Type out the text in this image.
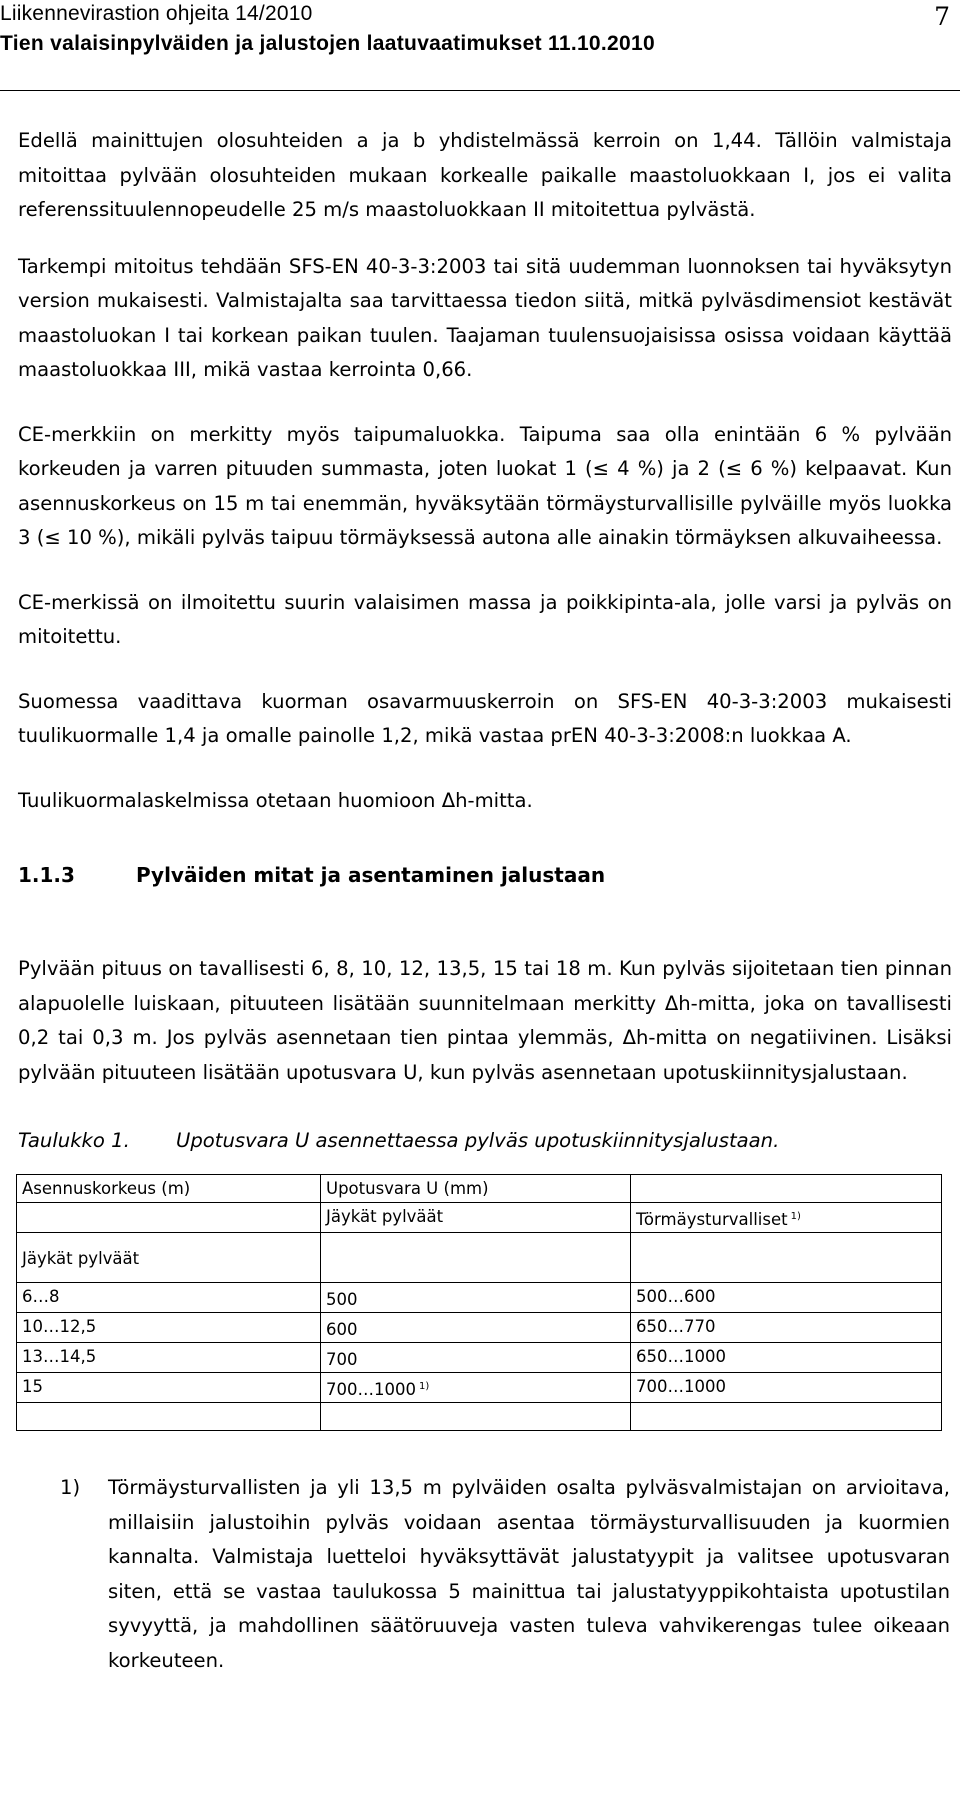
Liikennevirastion ohjeita 14/2010
Tien valaisinpylväiden ja jalustojen laatuvaatimukset 11.10.2010
7

Edellä mainittujen olosuhteiden a ja b yhdistelmässä kerroin on 1,44. Tällöin valmistaja mitoittaa pylvään olosuhteiden mukaan korkealle paikalle maastoluokkaan I, jos ei valita referenssituulennopeudelle 25 m/s maastoluokkaan II mitoitettua pylvästä.

Tarkempi mitoitus tehdään SFS-EN 40-3-3:2003 tai sitä uudemman luonnoksen tai hyväksytyn version mukaisesti. Valmistajalta saa tarvittaessa tiedon siitä, mitkä pylväsdimensiot kestävät maastoluokan I tai korkean paikan tuulen. Taajaman tuulensuojaisissa osissa voidaan käyttää maastoluokkaa III, mikä vastaa kerrointa 0,66.

CE-merkkiin on merkitty myös taipumaluokka. Taipuma saa olla enintään 6 % pylvään korkeuden ja varren pituuden summasta, joten luokat 1 (≤ 4 %) ja 2 (≤ 6 %) kelpaavat. Kun asennuskorkeus on 15 m tai enemmän, hyväksytään törmäysturvallisille pylväille myös luokka 3 (≤ 10 %), mikäli pylväs taipuu törmäyksessä autona alle ainakin törmäyksen alkuvaiheessa.

CE-merkissä on ilmoitettu suurin valaisimen massa ja poikkipinta-ala, jolle varsi ja pylväs on mitoitettu.

Suomessa vaadittava kuorman osavarmuuskerroin on SFS-EN 40-3-3:2003 mukaisesti tuulikuormalle 1,4 ja omalle painolle 1,2, mikä vastaa prEN 40-3-3:2008:n luokkaa A.

Tuulikuormalaskelmissa otetaan huomioon Δh-mitta.

1.1.3	Pylväiden mitat ja asentaminen jalustaan

Pylvään pituus on tavallisesti 6, 8, 10, 12, 13,5, 15 tai 18 m. Kun pylväs sijoitetaan tien pinnan alapuolelle luiskaan, pituuteen lisätään suunnitelmaan merkitty Δh-mitta, joka on tavallisesti 0,2 tai 0,3 m. Jos pylväs asennetaan tien pintaa ylemmäs, Δh-mitta on negatiivinen. Lisäksi pylvään pituuteen lisätään upotusvara U, kun pylväs asennetaan upotuskiinnitysjalustaan.

Taulukko 1. Upotusvara U asennettaessa pylväs upotuskiinnitysjalustaan.
Asennuskorkeus (m)	Upotusvara U (mm)	
	Jäykät pylväät	Törmäysturvalliset $^{1)}$
Jäykät pylväät		
6…8	500	500…600
10…12,5	600	650…770
13…14,5	700	650…1000
15	700…1000 $^{1)}$	700…1000

1)	Törmäysturvallisten ja yli 13,5 m pylväiden osalta pylväsvalmistajan on arvioitava, millaisiin jalustoihin pylväs voidaan asentaa törmäysturvallisuuden ja kuormien kannalta. Valmistaja luetteloi hyväksyttävät jalustatyypit ja valitsee upotusvaran siten, että se vastaa taulukossa 5 mainittua tai jalustatyyppikohtaista upotustilan syvyyttä, ja mahdollinen säätöruuveja vasten tuleva vahvikerengas tulee oikeaan korkeuteen.
